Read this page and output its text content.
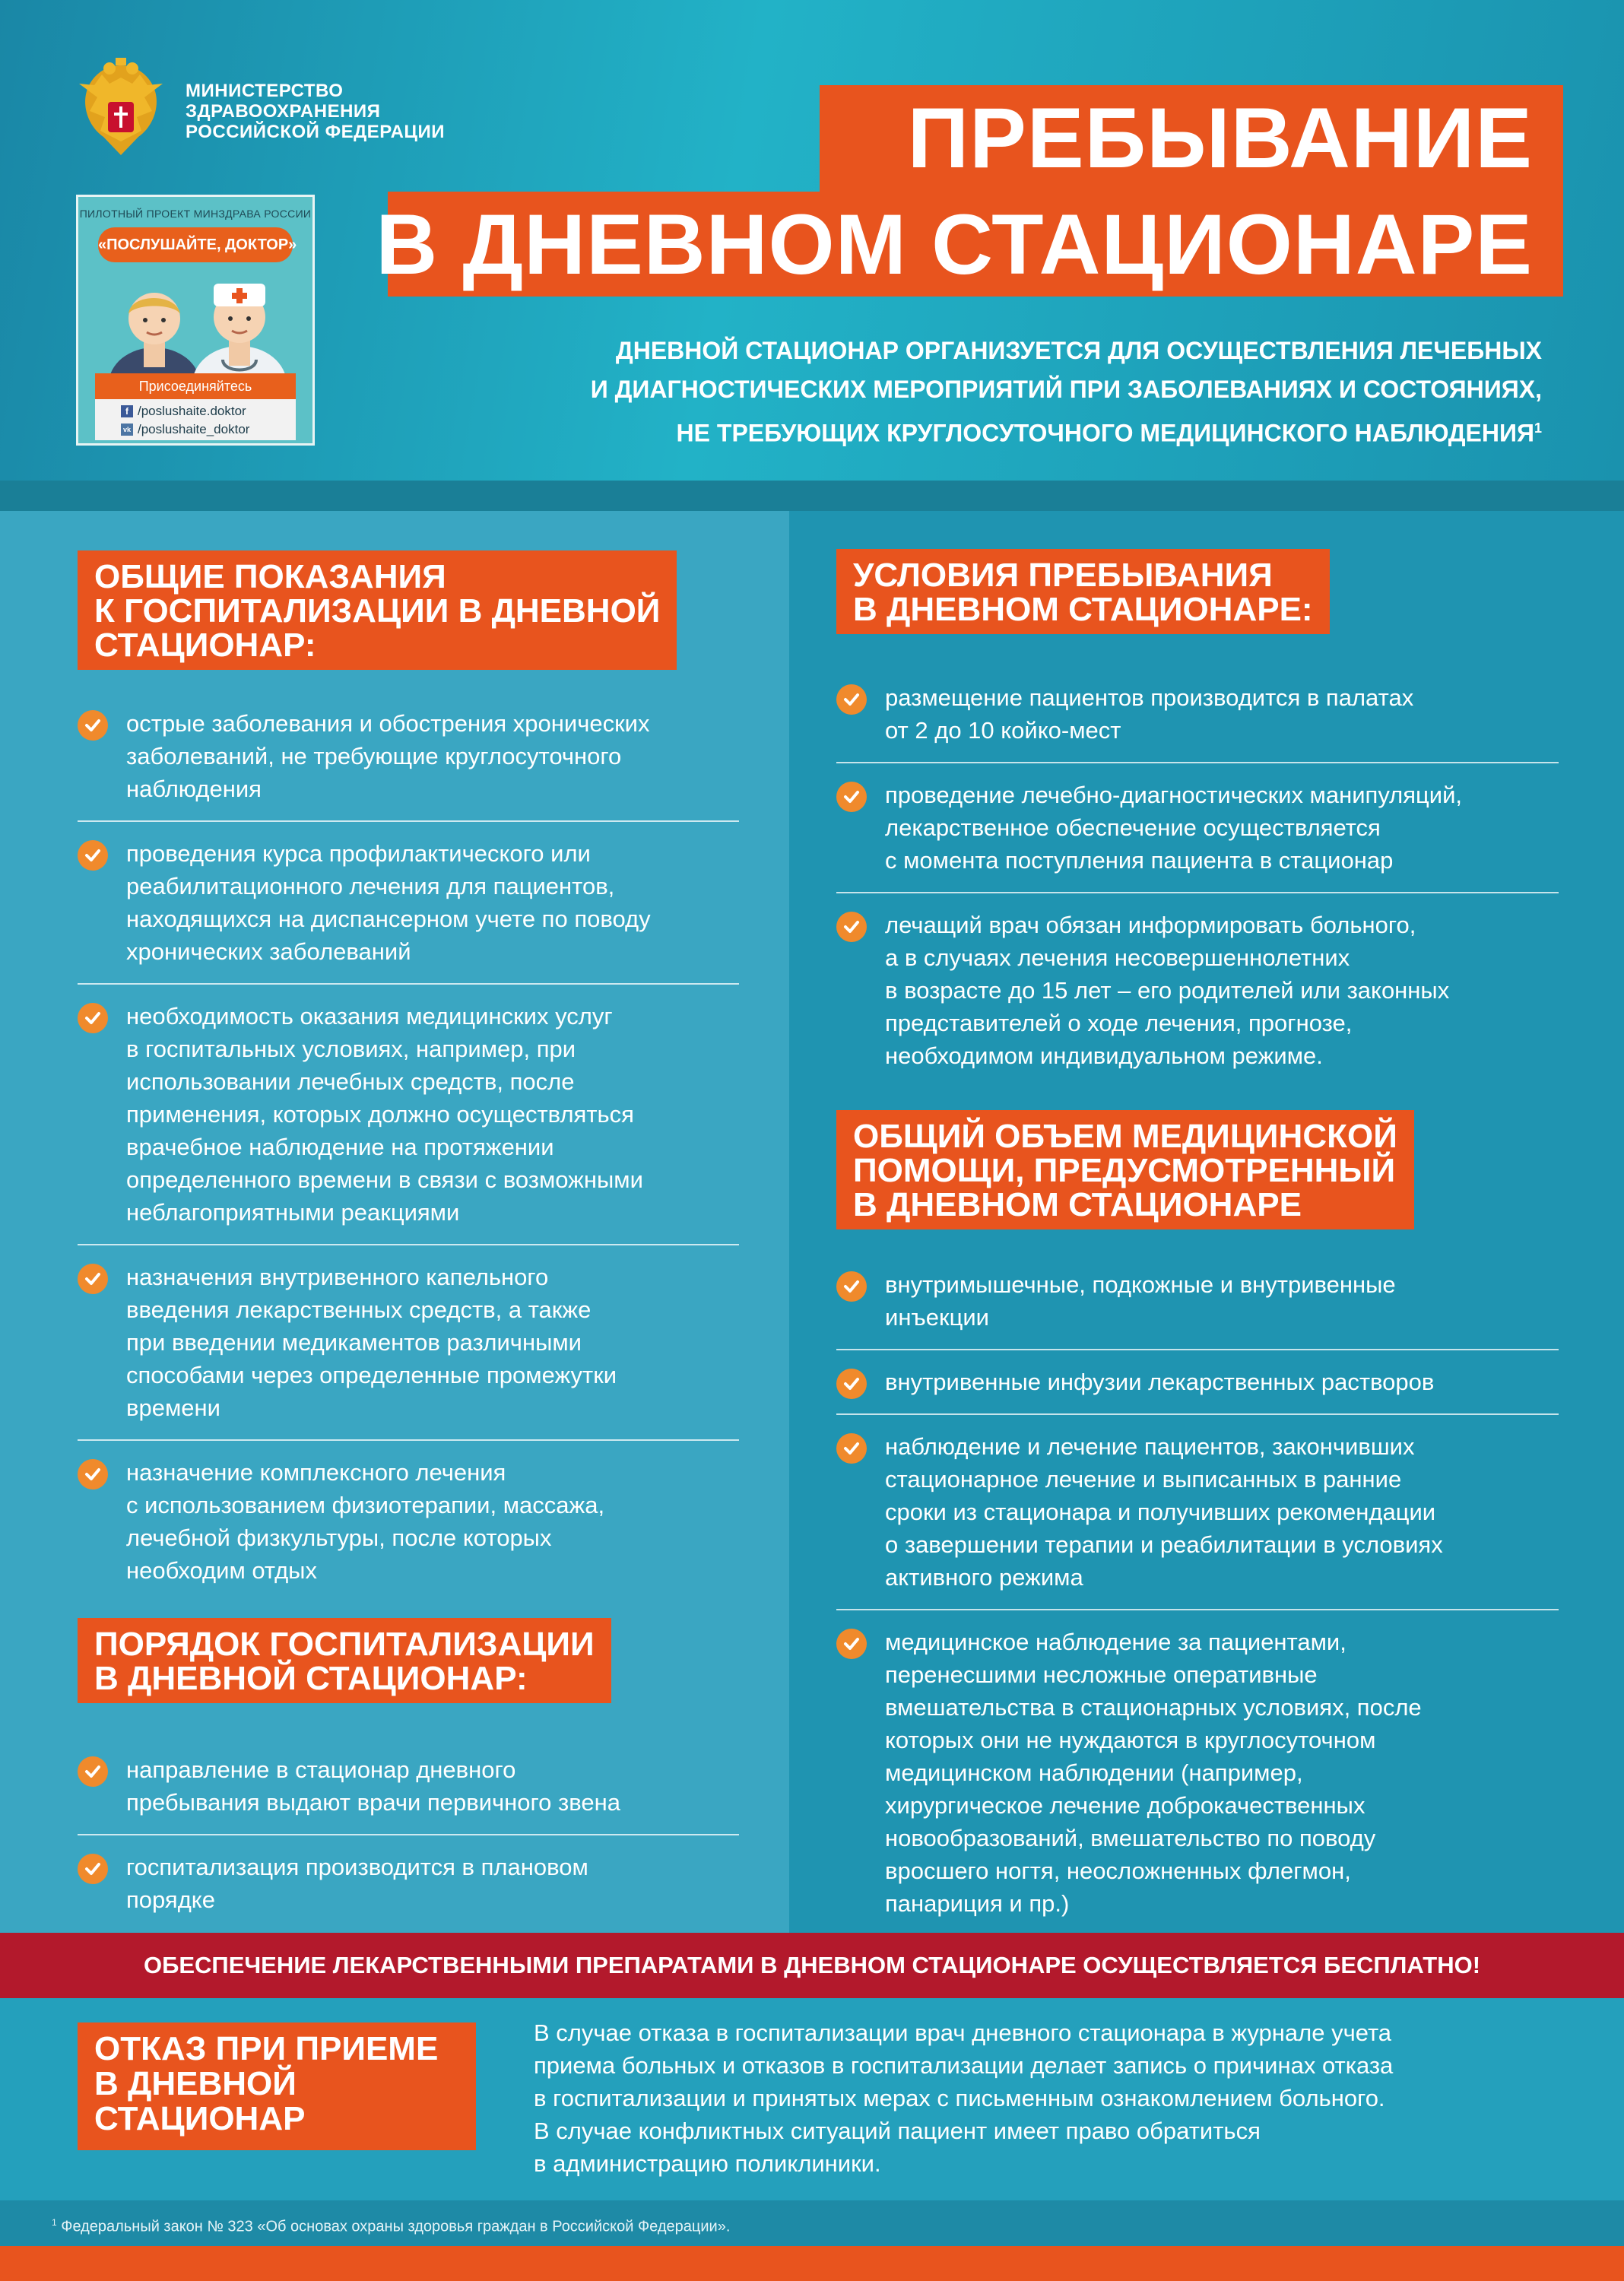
МИНИСТЕРСТВО
ЗДРАВООХРАНЕНИЯ
РОССИЙСКОЙ ФЕДЕРАЦИИ
ПИЛОТНЫЙ ПРОЕКТ МИНЗДРАВА РОССИИ
«ПОСЛУШАЙТЕ, ДОКТОР»
Присоединяйтесь
f /poslushaite.doktor
vk /poslushaite_doktor
ПРЕБЫВАНИЕ
В ДНЕВНОМ СТАЦИОНАРЕ
ДНЕВНОЙ СТАЦИОНАР ОРГАНИЗУЕТСЯ ДЛЯ ОСУЩЕСТВЛЕНИЯ ЛЕЧЕБНЫХ
И ДИАГНОСТИЧЕСКИХ МЕРОПРИЯТИЙ ПРИ ЗАБОЛЕВАНИЯХ И СОСТОЯНИЯХ,
НЕ ТРЕБУЮЩИХ КРУГЛОСУТОЧНОГО МЕДИЦИНСКОГО НАБЛЮДЕНИЯ$^1$
ОБЩИЕ ПОКАЗАНИЯ
К ГОСПИТАЛИЗАЦИИ В ДНЕВНОЙ
СТАЦИОНАР:
острые заболевания и обострения хронических
заболеваний, не требующие круглосуточного
наблюдения
проведения курса профилактического или
реабилитационного лечения для пациентов,
находящихся на диспансерном учете по поводу
хронических заболеваний
необходимость оказания медицинских услуг
в госпитальных условиях, например, при
использовании лечебных средств, после
применения, которых должно осуществляться
врачебное наблюдение на протяжении
определенного времени в связи с возможными
неблагоприятными реакциями
назначения внутривенного капельного
введения лекарственных средств, а также
при введении медикаментов различными
способами через определенные промежутки
времени
назначение комплексного лечения
с использованием физиотерапии, массажа,
лечебной физкультуры, после которых
необходим отдых
ПОРЯДОК ГОСПИТАЛИЗАЦИИ
В ДНЕВНОЙ СТАЦИОНАР:
направление в стационар дневного
пребывания выдают врачи первичного звена
госпитализация производится в плановом
порядке
УСЛОВИЯ ПРЕБЫВАНИЯ
В ДНЕВНОМ СТАЦИОНАРЕ:
размещение пациентов производится в палатах
от 2 до 10 койко-мест
проведение лечебно-диагностических манипуляций,
лекарственное обеспечение осуществляется
с момента поступления пациента в стационар
лечащий врач обязан информировать больного,
а в случаях лечения несовершеннолетних
в возрасте до 15 лет – его родителей или законных
представителей о ходе лечения, прогнозе,
необходимом индивидуальном режиме.
ОБЩИЙ ОБЪЕМ МЕДИЦИНСКОЙ
ПОМОЩИ, ПРЕДУСМОТРЕННЫЙ
В ДНЕВНОМ СТАЦИОНАРЕ
внутримышечные, подкожные и внутривенные
инъекции
внутривенные инфузии лекарственных растворов
наблюдение и лечение пациентов, закончивших
стационарное лечение и выписанных в ранние
сроки из стационара и получивших рекомендации
о завершении терапии и реабилитации в условиях
активного режима
медицинское наблюдение за пациентами,
перенесшими несложные оперативные
вмешательства в стационарных условиях, после
которых они не нуждаются в круглосуточном
медицинском наблюдении (например,
хирургическое лечение доброкачественных
новообразований, вмешательство по поводу
вросшего ногтя, неосложненных флегмон,
панариция и пр.)
ОБЕСПЕЧЕНИЕ ЛЕКАРСТВЕННЫМИ ПРЕПАРАТАМИ В ДНЕВНОМ СТАЦИОНАРЕ ОСУЩЕСТВЛЯЕТСЯ БЕСПЛАТНО!
ОТКАЗ ПРИ ПРИЕМЕ
В ДНЕВНОЙ
СТАЦИОНАР
В случае отказа в госпитализации врач дневного стационара в журнале учета
приема больных и отказов в госпитализации делает запись о причинах отказа
в госпитализации и принятых мерах с письменным ознакомлением больного.
В случае конфликтных ситуаций пациент имеет право обратиться
в администрацию поликлиники.
$^1$ Федеральный закон № 323 «Об основах охраны здоровья граждан в Российской Федерации».
